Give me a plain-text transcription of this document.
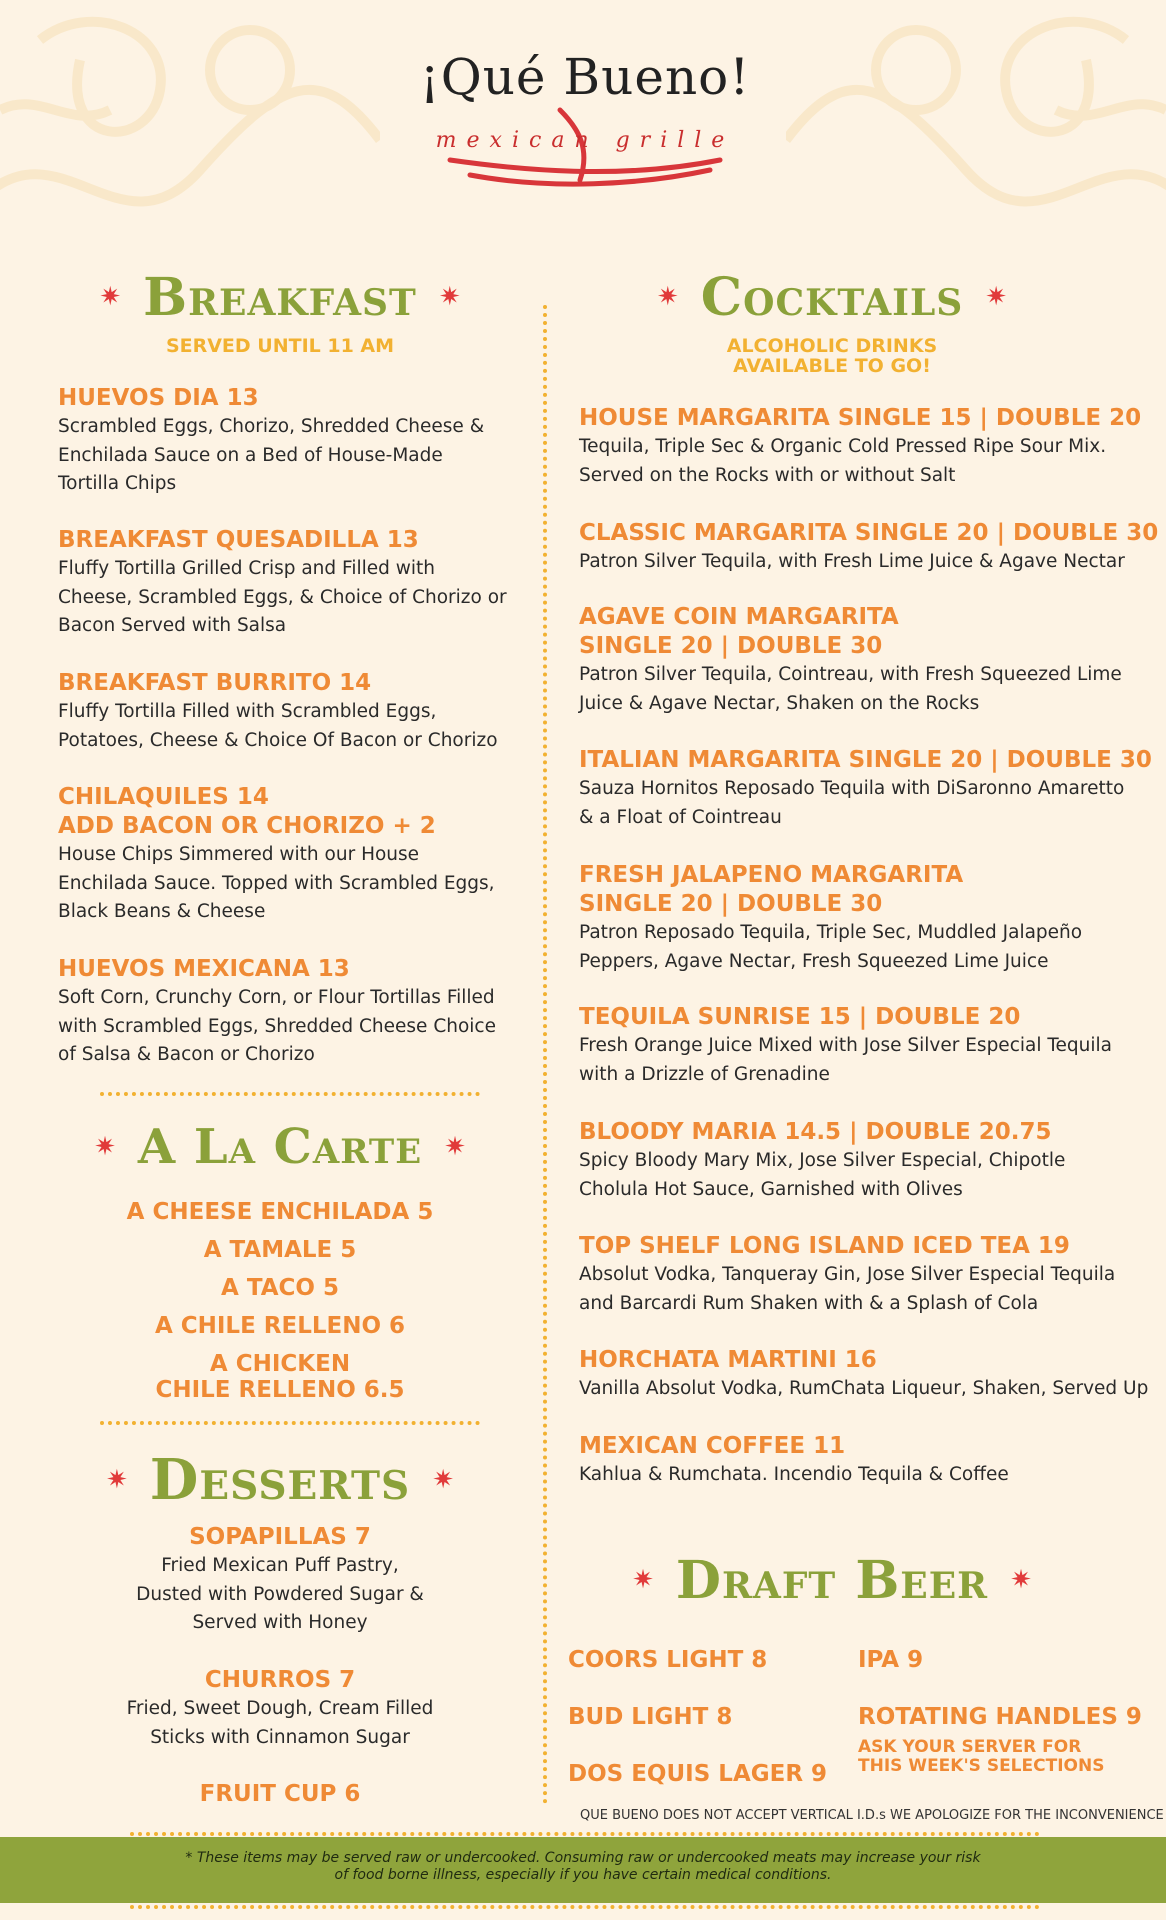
¡Qué Bueno!
mexican grille
✷ Breakfast ✷
SERVED UNTIL 11 AM
HUEVOS DIA 13
Scrambled Eggs, Chorizo, Shredded Cheese & Enchilada Sauce on a Bed of House-Made Tortilla Chips
BREAKFAST QUESADILLA 13
Fluffy Tortilla Grilled Crisp and Filled with Cheese, Scrambled Eggs, & Choice of Chorizo or Bacon Served with Salsa
BREAKFAST BURRITO 14
Fluffy Tortilla Filled with Scrambled Eggs, Potatoes, Cheese & Choice Of Bacon or Chorizo
CHILAQUILES 14
ADD BACON OR CHORIZO + 2
House Chips Simmered with our House Enchilada Sauce. Topped with Scrambled Eggs, Black Beans & Cheese
HUEVOS MEXICANA 13
Soft Corn, Crunchy Corn, or Flour Tortillas Filled with Scrambled Eggs, Shredded Cheese Choice of Salsa & Bacon or Chorizo
✷ A La Carte ✷
A CHEESE ENCHILADA 5
A TAMALE 5
A TACO 5
A CHILE RELLENO 6
A CHICKEN
CHILE RELLENO 6.5
✷ Desserts ✷
SOPAPILLAS 7
Fried Mexican Puff Pastry, Dusted with Powdered Sugar & Served with Honey
CHURROS 7
Fried, Sweet Dough, Cream Filled Sticks with Cinnamon Sugar
FRUIT CUP 6
✷ Cocktails ✷
ALCOHOLIC DRINKS
AVAILABLE TO GO!
HOUSE MARGARITA SINGLE 15 | DOUBLE 20
Tequila, Triple Sec & Organic Cold Pressed Ripe Sour Mix. Served on the Rocks with or without Salt
CLASSIC MARGARITA SINGLE 20 | DOUBLE 30
Patron Silver Tequila, with Fresh Lime Juice & Agave Nectar
AGAVE COIN MARGARITA
SINGLE 20 | DOUBLE 30
Patron Silver Tequila, Cointreau, with Fresh Squeezed Lime Juice & Agave Nectar, Shaken on the Rocks
ITALIAN MARGARITA SINGLE 20 | DOUBLE 30
Sauza Hornitos Reposado Tequila with DiSaronno Amaretto & a Float of Cointreau
FRESH JALAPENO MARGARITA
SINGLE 20 | DOUBLE 30
Patron Reposado Tequila, Triple Sec, Muddled Jalapeño Peppers, Agave Nectar, Fresh Squeezed Lime Juice
TEQUILA SUNRISE 15 | DOUBLE 20
Fresh Orange Juice Mixed with Jose Silver Especial Tequila with a Drizzle of Grenadine
BLOODY MARIA 14.5 | DOUBLE 20.75
Spicy Bloody Mary Mix, Jose Silver Especial, Chipotle Cholula Hot Sauce, Garnished with Olives
TOP SHELF LONG ISLAND ICED TEA 19
Absolut Vodka, Tanqueray Gin, Jose Silver Especial Tequila and Barcardi Rum Shaken with & a Splash of Cola
HORCHATA MARTINI 16
Vanilla Absolut Vodka, RumChata Liqueur, Shaken, Served Up
MEXICAN COFFEE 11
Kahlua & Rumchata. Incendio Tequila & Coffee
✷ Draft Beer ✷
COORS LIGHT 8
BUD LIGHT 8
DOS EQUIS LAGER 9
IPA 9
ROTATING HANDLES 9
ASK YOUR SERVER FOR THIS WEEK'S SELECTIONS
QUE BUENO DOES NOT ACCEPT VERTICAL I.D.s WE APOLOGIZE FOR THE INCONVENIENCE
* These items may be served raw or undercooked. Consuming raw or undercooked meats may increase your risk
of food borne illness, especially if you have certain medical conditions.
